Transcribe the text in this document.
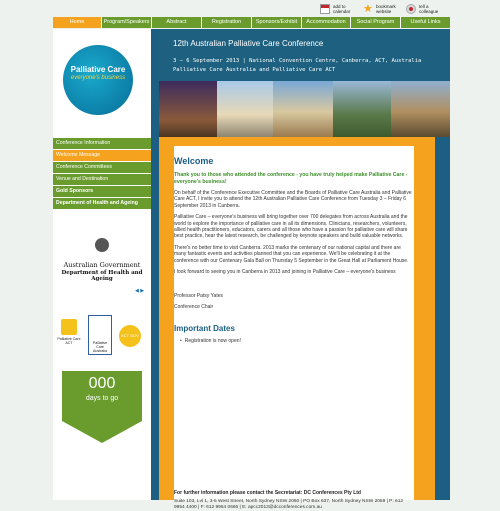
add to calendar	★ bookmark website
tell a colleague
Home	Program/Speakers	Abstract	Registration	Sponsors/Exhibit	Accommodation	Social Program	Useful Links
Palliative Care
everyone's business
Conference Information
Welcome Message
Conference Committees
Venue and Destination
Gold Sponsors
Department of Health and Ageing
Australian Government
Department of Health and Ageing
◀ ▶
Palliative Care ACT	Palliative Care Australia
ACT GOV
000
days to go
12th Australian Palliative Care Conference
3 – 6 September 2013 | National Convention Centre, Canberra, ACT, Australia
Palliative Care Australia and Palliative Care ACT
Welcome
Thank you to those who attended the conference - you have truly helped make Palliative Care - everyone's business!
On behalf of the Conference Executive Committee and the Boards of Palliative Care Australia and Palliative Care ACT, I invite you to attend the 12th Australian Palliative Care Conference from Tuesday 3 – Friday 6 September 2013 in Canberra.
Palliative Care – everyone's business will bring together over 700 delegates from across Australia and the world to explore the importance of palliative care in all its dimensions. Clinicians, researchers, volunteers, allied health practitioners, educators, carers and all those who have a passion for palliative care will share best practice, hear the latest research, be challenged by keynote speakers and build valuable networks.
There's no better time to visit Canberra. 2013 marks the centenary of our national capital and there are many fantastic events and activities planned that you can experience. We'll be celebrating it at the conference with our Centenary Gala Ball on Thursday 5 September in the Great Hall at Parliament House.
I look forward to seeing you in Canberra in 2013 and joining in Palliative Care – everyone's business
Professor Patsy Yates
Conference Chair
Important Dates
• Registration is now open!
For further information please contact the Secretariat: DC Conferences Pty Ltd
Suite 103, Lvl 1, 3-5 West Street, North Sydney NSW 2060 | PO Box 637, North Sydney NSW 2059 | P: 612 9954 4400 | F: 612 9954 0666 | E: apcc2013@dcconferences.com.au
